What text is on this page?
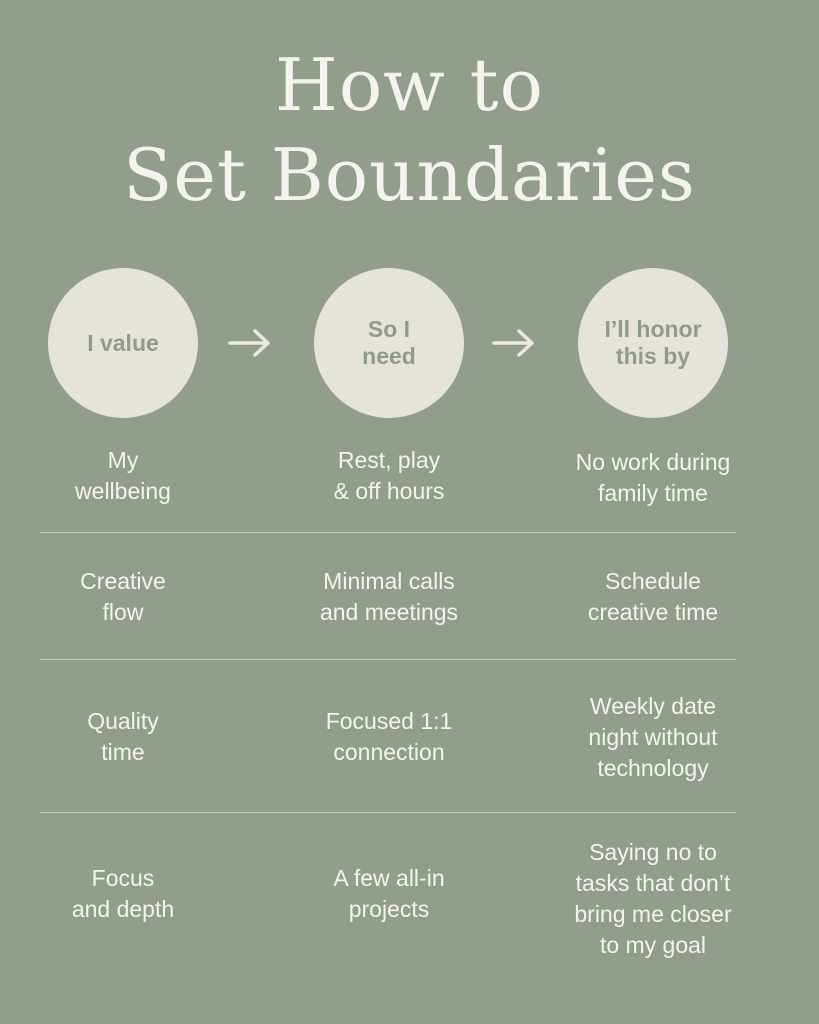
How to
Set Boundaries
I value
So I
need
I’ll honor
this by
My
wellbeing
Rest, play
& off hours
No work during
family time
Creative
flow
Minimal calls
and meetings
Schedule
creative time
Quality
time
Focused 1:1
connection
Weekly date
night without
technology
Focus
and depth
A few all-in
projects
Saying no to
tasks that don’t
bring me closer
to my goal
